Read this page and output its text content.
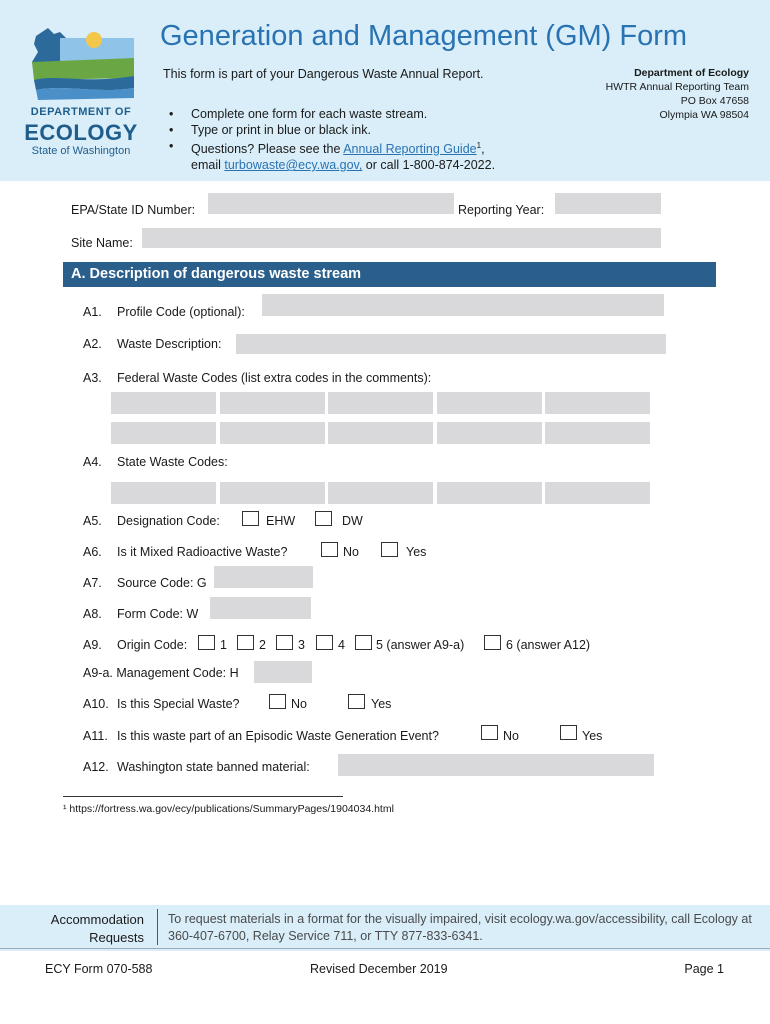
DEPARTMENT OF
ECOLOGY
State of Washington
Generation and Management (GM) Form
This form is part of your Dangerous Waste Annual Report.
• Complete one form for each waste stream.
• Type or print in blue or black ink.
• Questions? Please see the Annual Reporting Guide$^1$,
email turbowaste@ecy.wa.gov, or call 1-800-874-2022.
Department of Ecology
HWTR Annual Reporting Team
PO Box 47658
Olympia WA 98504
EPA/State ID Number:	Reporting Year:
Site Name:
A. Description of dangerous waste stream
A1. Profile Code (optional):
A2. Waste Description:
A3. Federal Waste Codes (list extra codes in the comments):
A4. State Waste Codes:
A5. Designation Code:	EHW	DW
A6. Is it Mixed Radioactive Waste?	No	Yes
A7. Source Code: G
A8. Form Code: W
A9. Origin Code:	1	2	3	4 5 (answer A9-a)	6 (answer A12)
A9-a. Management Code: H
A10. Is this Special Waste?	No	Yes
A11. Is this waste part of an Episodic Waste Generation Event?	No	Yes
A12. Washington state banned material:
¹ https://fortress.wa.gov/ecy/publications/SummaryPages/1904034.html
Accommodation
Requests
To request materials in a format for the visually impaired, visit ecology.wa.gov/accessibility, call Ecology at 360-407-6700, Relay Service 711, or TTY 877-833-6341.
ECY Form 070-588	Revised December 2019	Page 1
